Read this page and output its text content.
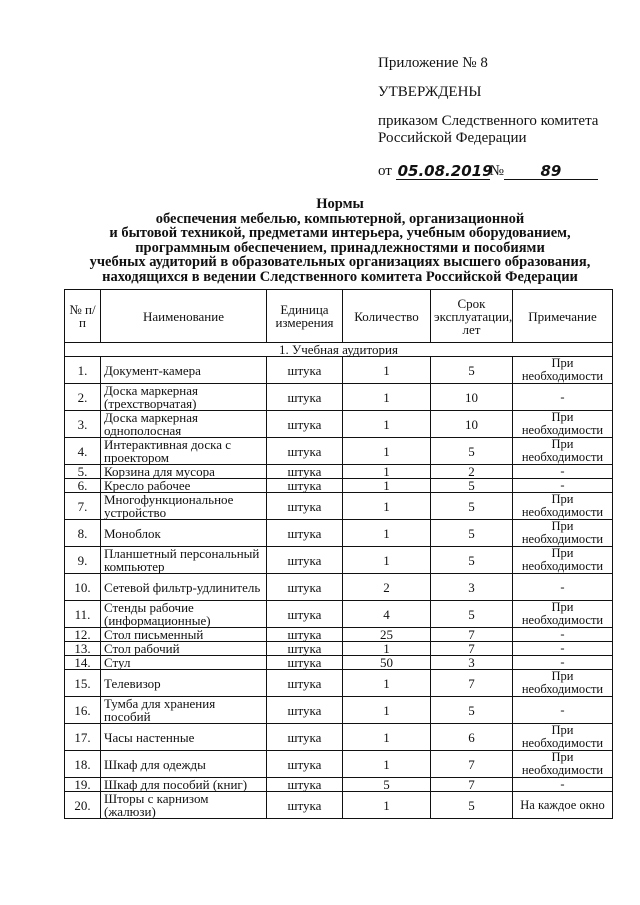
Приложение № 8
УТВЕРЖДЕНЫ
приказом Следственного комитета
Российской Федерации
от
05.08.2019
№	89
Нормы
обеспечения мебелью, компьютерной, организационной
и бытовой техникой, предметами интерьера, учебным оборудованием,
программным обеспечением, принадлежностями и пособиями
учебных аудиторий в образовательных организациях высшего образования,
находящихся в ведении Следственного комитета Российской Федерации
№ п/п	Наименование	Единица измерения	Количество	Срок эксплуатации, лет	Примечание
1. Учебная аудитория					
1.	Документ-камера	штука	1	5	При необходимости
2.	Доска маркерная (трехстворчатая)	штука	1	10	-
3.	Доска маркерная однополосная	штука	1	10	При необходимости
4.	Интерактивная доска с проектором	штука	1	5	При необходимости
5.	Корзина для мусора	штука	1	2	-
6.	Кресло рабочее	штука	1	5	-
7.	Многофункциональное устройство	штука	1	5	При необходимости
8.	Моноблок	штука	1	5	При необходимости
9.	Планшетный персональный компьютер	штука	1	5	При необходимости
10.	Сетевой фильтр-удлинитель	штука	2	3	-
11.	Стенды рабочие (информационные)	штука	4	5	При необходимости
12.	Стол письменный	штука	25	7	-
13.	Стол рабочий	штука	1	7	-
14.	Стул	штука	50	3	-
15.	Телевизор	штука	1	7	При необходимости
16.	Тумба для хранения пособий	штука	1	5	-
17.	Часы настенные	штука	1	6	При необходимости
18.	Шкаф для одежды	штука	1	7	При необходимости
19.	Шкаф для пособий (книг)	штука	5	7	-
20.	Шторы с карнизом (жалюзи)	штука	1	5	На каждое окно
